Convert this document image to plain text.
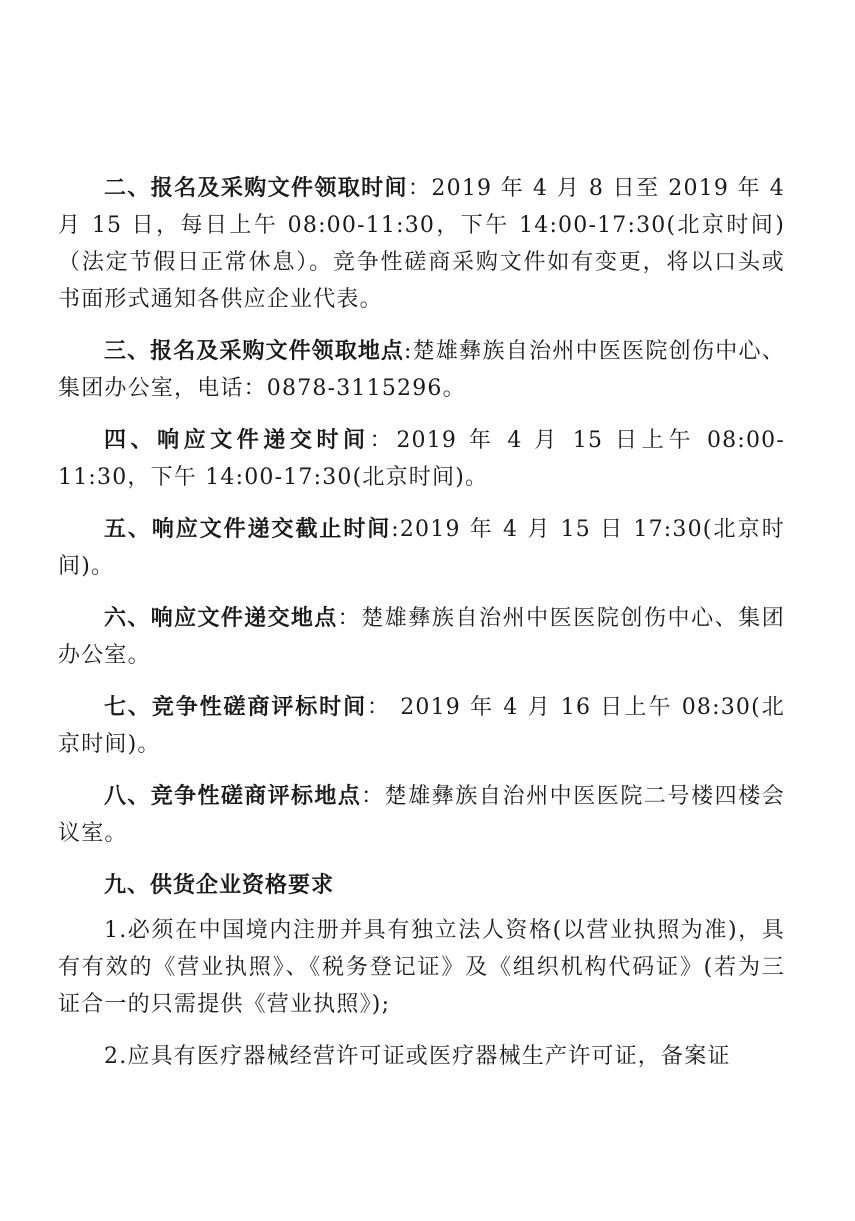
二、报名及采购文件领取时间：2019 年 4 月 8 日至 2019 年 4 月 15 日，每日上午 08:00-11:30，下午 14:00-17:30(北京时间)（法定节假日正常休息）。竞争性磋商采购文件如有变更，将以口头或书面形式通知各供应企业代表。

三、报名及采购文件领取地点:楚雄彝族自治州中医医院创伤中心、集团办公室，电话：0878-3115296。

四、响应文件递交时间：2019 年 4 月 15 日上午 08:00-11:30，下午 14:00-17:30(北京时间)。

五、响应文件递交截止时间:2019 年 4 月 15 日 17:30(北京时间)。

六、响应文件递交地点：楚雄彝族自治州中医医院创伤中心、集团办公室。

七、竞争性磋商评标时间： 2019 年 4 月 16 日上午 08:30(北京时间)。

八、竞争性磋商评标地点：楚雄彝族自治州中医医院二号楼四楼会议室。

九、供货企业资格要求

1.必须在中国境内注册并具有独立法人资格(以营业执照为准)，具有有效的《营业执照》、《税务登记证》及《组织机构代码证》(若为三证合一的只需提供《营业执照》);

2.应具有医疗器械经营许可证或医疗器械生产许可证，备案证
